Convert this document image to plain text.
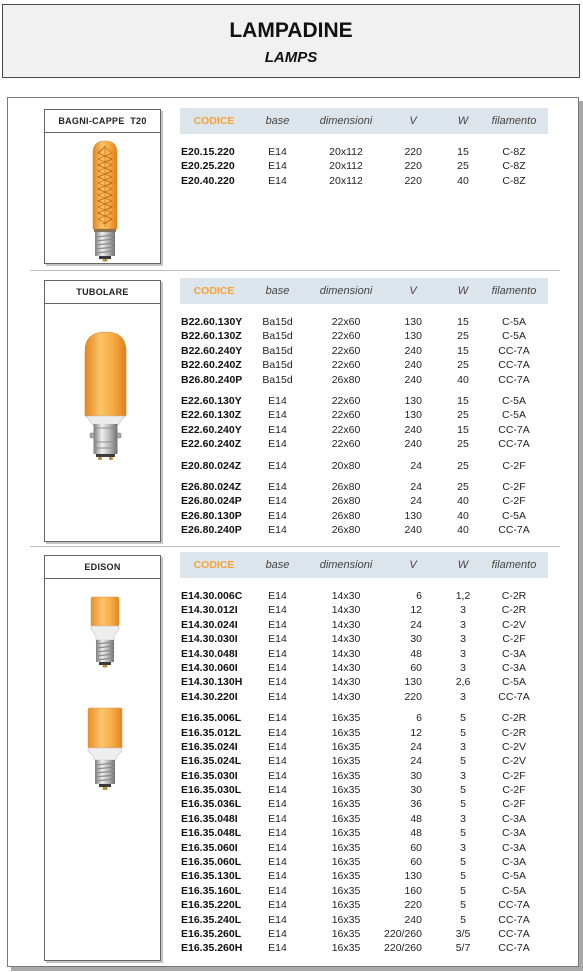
LAMPADINE
LAMPS
BAGNI-CAPPE  T20	CODICE	base	dimensioni	V	W	filamento
E20.15.220	E14	20x112	220	15	C-8Z
E20.25.220	E14	20x112	220	25	C-8Z
E20.40.220	E14	20x112	220	40	C-8Z
TUBOLARE	CODICE	base	dimensioni	V	W	filamento
B22.60.130Y	Ba15d	22x60	130	15	C-5A
B22.60.130Z	Ba15d	22x60	130	25	C-5A
B22.60.240Y	Ba15d	22x60	240	15	CC-7A
B22.60.240Z	Ba15d	22x60	240	25	CC-7A
B26.80.240P	Ba15d	26x80	240	40	CC-7A
E22.60.130Y	E14	22x60	130	15	C-5A
E22.60.130Z	E14	22x60	130	25	C-5A
E22.60.240Y	E14	22x60	240	15	CC-7A
E22.60.240Z	E14	22x60	240	25	CC-7A
E20.80.024Z	E14	20x80	24	25	C-2F
E26.80.024Z	E14	26x80	24	25	C-2F
E26.80.024P	E14	26x80	24	40	C-2F
E26.80.130P	E14	26x80	130	40	C-5A
E26.80.240P	E14	26x80	240	40	CC-7A
EDISON	CODICE	base	dimensioni	V	W	filamento
E14.30.006C	E14	14x30	6	1,2	C-2R
E14.30.012I	E14	14x30	12	3	C-2R
E14.30.024I	E14	14x30	24	3	C-2V
E14.30.030I	E14	14x30	30	3	C-2F
E14.30.048I	E14	14x30	48	3	C-3A
E14.30.060I	E14	14x30	60	3	C-3A
E14.30.130H	E14	14x30	130	2,6	C-5A
E14.30.220I	E14	14x30	220	3	CC-7A
E16.35.006L	E14	16x35	6	5	C-2R
E16.35.012L	E14	16x35	12	5	C-2R
E16.35.024I	E14	16x35	24	3	C-2V
E16.35.024L	E14	16x35	24	5	C-2V
E16.35.030I	E14	16x35	30	3	C-2F
E16.35.030L	E14	16x35	30	5	C-2F
E16.35.036L	E14	16x35	36	5	C-2F
E16.35.048I	E14	16x35	48	3	C-3A
E16.35.048L	E14	16x35	48	5	C-3A
E16.35.060I	E14	16x35	60	3	C-3A
E16.35.060L	E14	16x35	60	5	C-3A
E16.35.130L	E14	16x35	130	5	C-5A
E16.35.160L	E14	16x35	160	5	C-5A
E16.35.220L	E14	16x35	220	5	CC-7A
E16.35.240L	E14	16x35	240	5	CC-7A
E16.35.260L	E14	16x35	220/260	3/5	CC-7A
E16.35.260H	E14	16x35	220/260	5/7	CC-7A
